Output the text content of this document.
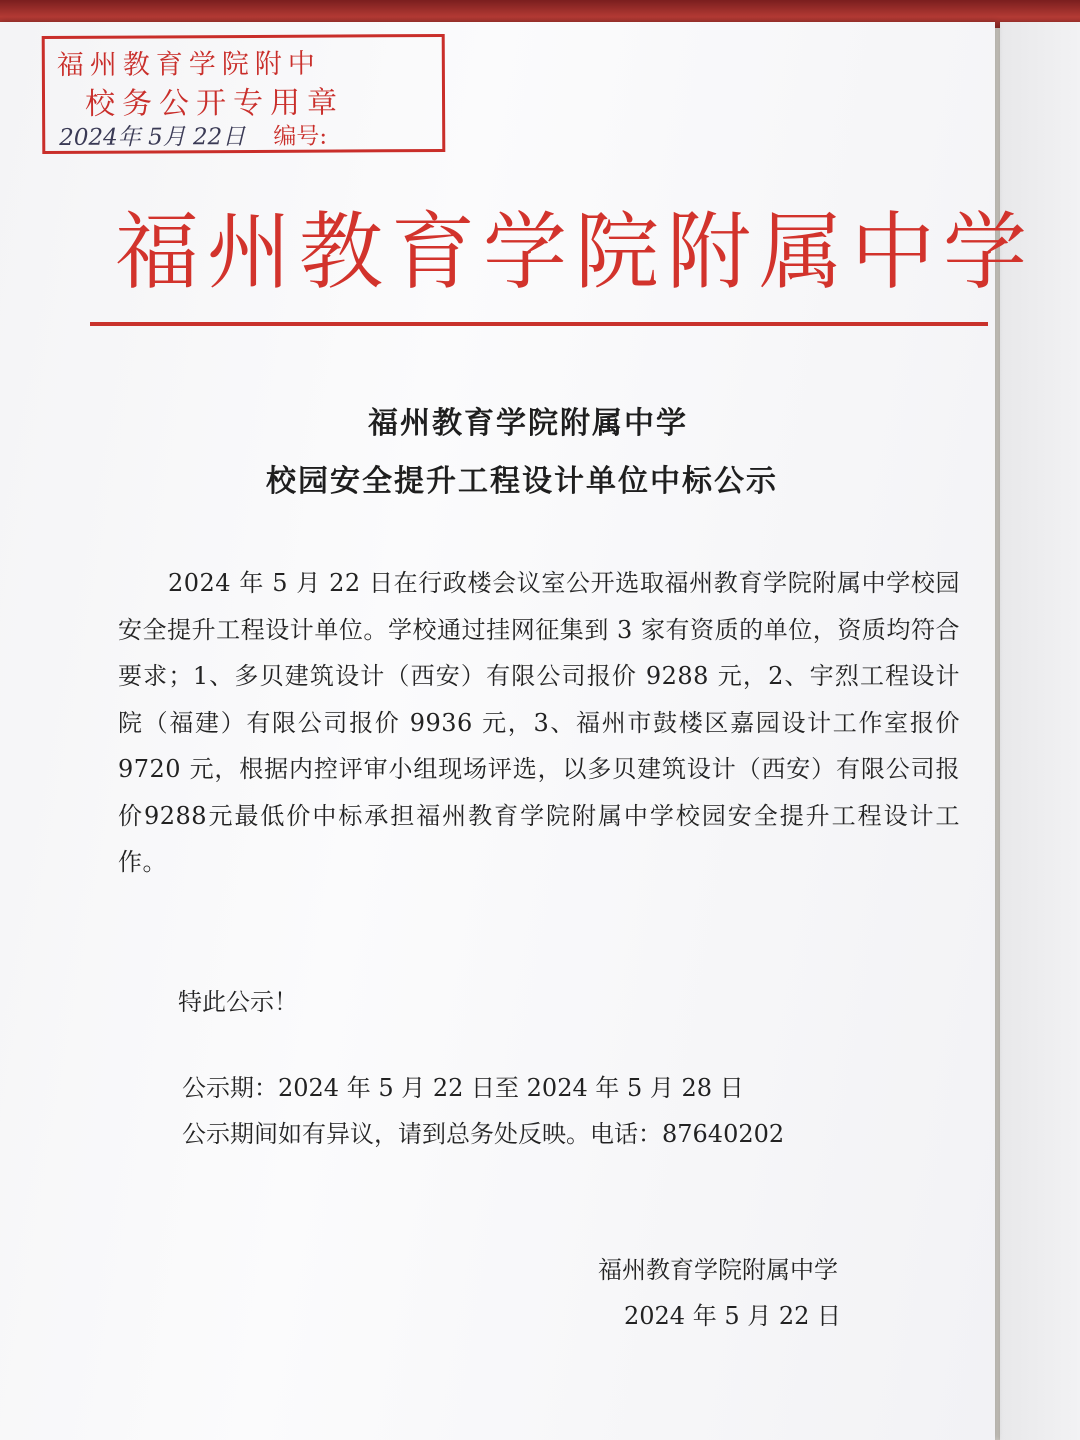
福州教育学院附中
校务公开专用章
2024年 5月 22日 编号:
福州教育学院附属中学
福州教育学院附属中学
校园安全提升工程设计单位中标公示
2024 年 5 月 22 日在行政楼会议室公开选取福州教育学院附属中学校园安全提升工程设计单位。学校通过挂网征集到 3 家有资质的单位，资质均符合要求；1、多贝建筑设计（西安）有限公司报价 9288 元，2、宇烈工程设计院（福建）有限公司报价 9936 元，3、福州市鼓楼区嘉园设计工作室报价 9720 元，根据内控评审小组现场评选，以多贝建筑设计（西安）有限公司报价9288元最低价中标承担福州教育学院附属中学校园安全提升工程设计工作。
特此公示！
公示期：2024 年 5 月 22 日至 2024 年 5 月 28 日
公示期间如有异议，请到总务处反映。电话：87640202
福州教育学院附属中学
2024 年 5 月 22 日
